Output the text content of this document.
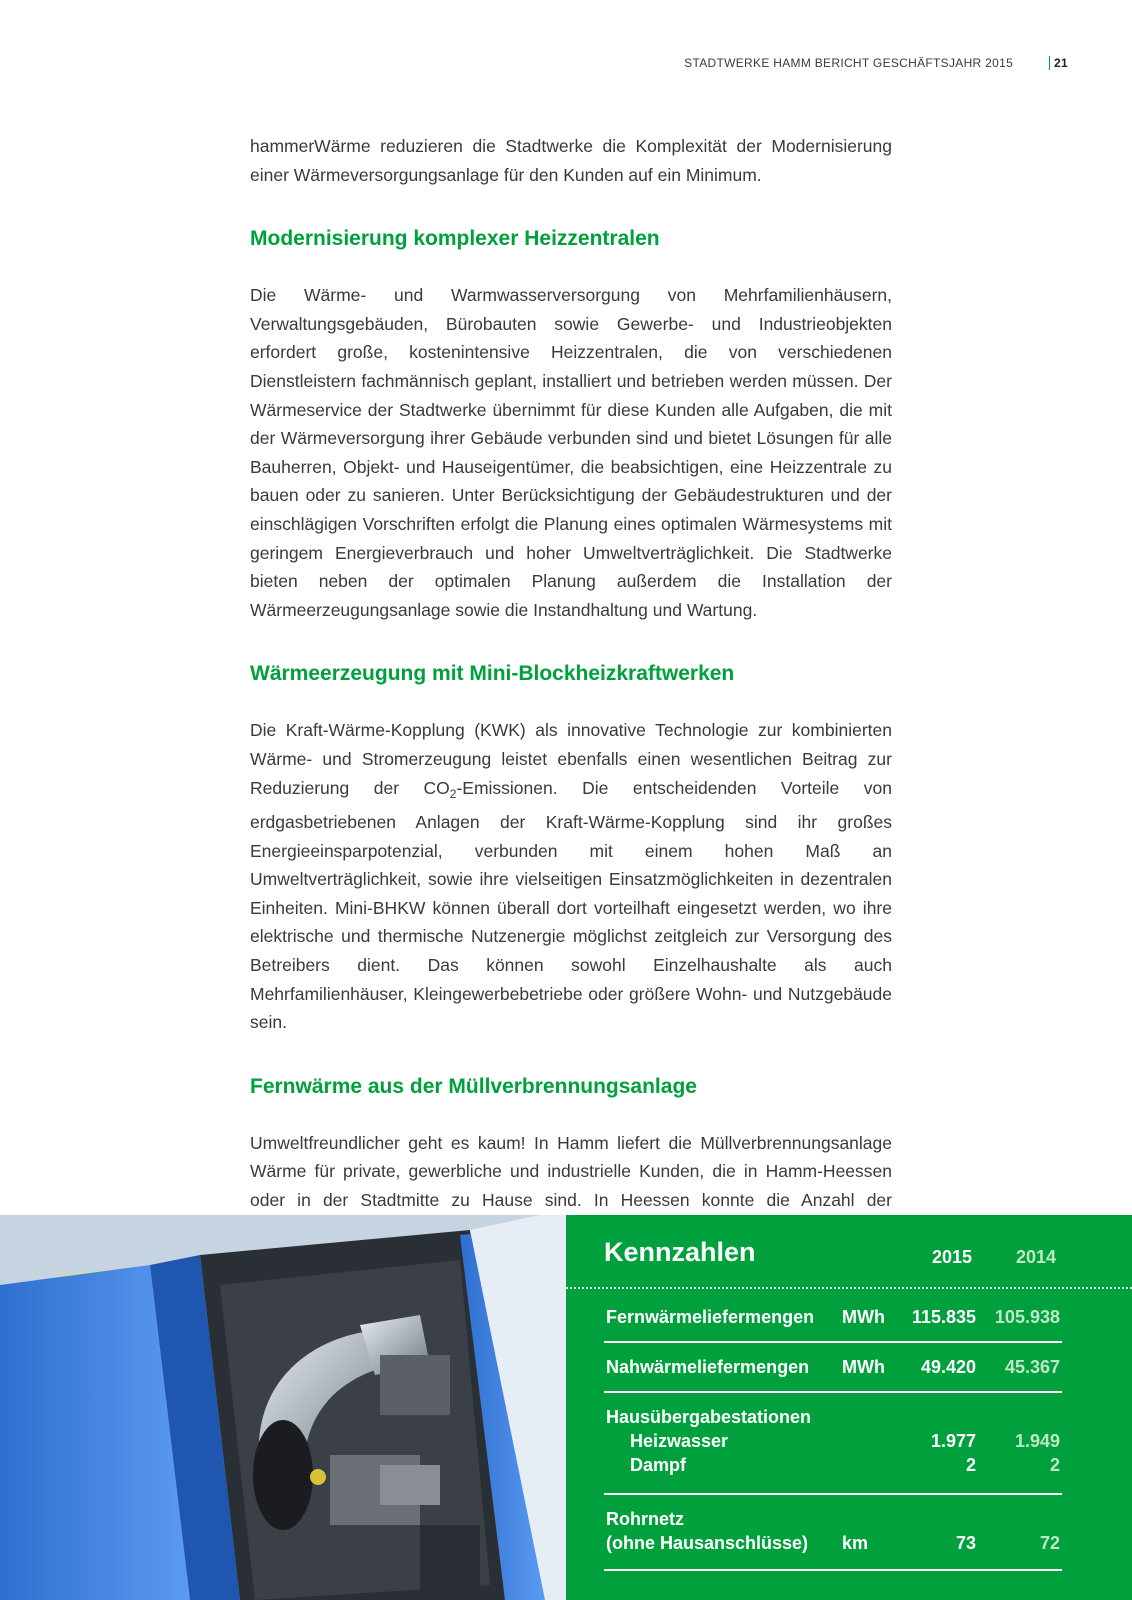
STADTWERKE HAMM BERICHT GESCHÄFTSJAHR 2015	21

hammerWärme reduzieren die Stadtwerke die Komplexität der Modernisierung einer Wärmeversorgungsanlage für den Kunden auf ein Minimum.

Modernisierung komplexer Heizzentralen

Die Wärme- und Warmwasserversorgung von Mehrfamilienhäusern, Verwaltungsgebäuden, Bürobauten sowie Gewerbe- und Industrieobjekten erfordert große, kostenintensive Heizzentralen, die von verschiedenen Dienstleistern fachmännisch geplant, installiert und betrieben werden müssen. Der Wärmeservice der Stadtwerke übernimmt für diese Kunden alle Aufgaben, die mit der Wärmeversorgung ihrer Gebäude verbunden sind und bietet Lösungen für alle Bauherren, Objekt- und Hauseigentümer, die beabsichtigen, eine Heizzentrale zu bauen oder zu sanieren. Unter Berücksichtigung der Gebäudestrukturen und der einschlägigen Vorschriften erfolgt die Planung eines optimalen Wärmesystems mit geringem Energieverbrauch und hoher Umweltverträglichkeit. Die Stadtwerke bieten neben der optimalen Planung außerdem die Installation der Wärmeerzeugungsanlage sowie die Instandhaltung und Wartung.

Wärmeerzeugung mit Mini-Blockheizkraftwerken

Die Kraft-Wärme-Kopplung (KWK) als innovative Technologie zur kombinierten Wärme- und Stromerzeugung leistet ebenfalls einen wesentlichen Beitrag zur Reduzierung der $CO_2$-Emissionen. Die entscheidenden Vorteile von erdgasbetriebenen Anlagen der Kraft-Wärme-Kopplung sind ihr großes Energieeinsparpotenzial, verbunden mit einem hohen Maß an Umweltverträglichkeit, sowie ihre vielseitigen Einsatzmöglichkeiten in dezentralen Einheiten. Mini-BHKW können überall dort vorteilhaft eingesetzt werden, wo ihre elektrische und thermische Nutzenergie möglichst zeitgleich zur Versorgung des Betreibers dient. Das können sowohl Einzelhaushalte als auch Mehrfamilienhäuser, Kleingewerbebetriebe oder größere Wohn- und Nutzgebäude sein.

Fernwärme aus der Müllverbrennungsanlage

Umweltfreundlicher geht es kaum! In Hamm liefert die Müllverbrennungsanlage Wärme für private, gewerbliche und industrielle Kunden, die in Hamm-Heessen oder in der Stadtmitte zu Hause sind. In Heessen konnte die Anzahl der

Kennzahlen	2015	2014
Fernwärmeliefermengen MWh 115.835 105.938
Nahwärmeliefermengen MWh 49.420 45.367
Hausübergabestationen
Heizwasser	1.977 1.949
Dampf	2	2
Rohrnetz
(ohne Hausanschlüsse) km	73	72
